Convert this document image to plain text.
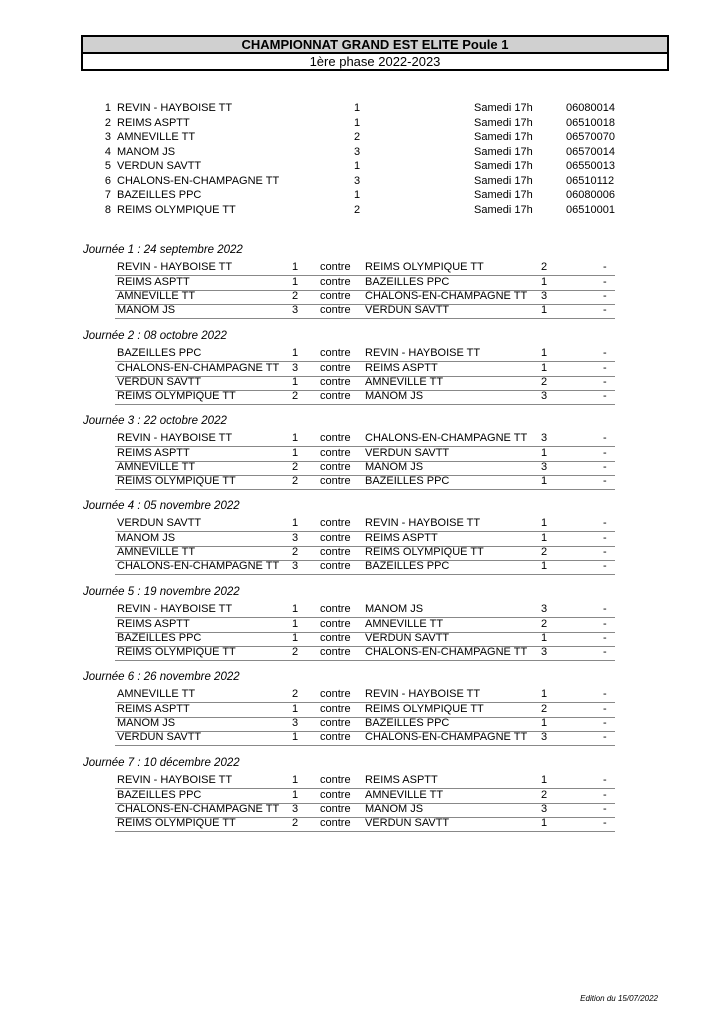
CHAMPIONNAT GRAND EST ELITE Poule 1
1ère phase 2022-2023
1 REVIN - HAYBOISE TT	1	Samedi 17h	06080014
2 REIMS ASPTT	1	Samedi 17h	06510018
3 AMNEVILLE TT	2	Samedi 17h	06570070
4 MANOM JS	3	Samedi 17h	06570014
5 VERDUN SAVTT	1	Samedi 17h	06550013
6 CHALONS-EN-CHAMPAGNE TT	3	Samedi 17h	06510112
7 BAZEILLES PPC	1	Samedi 17h	06080006
8 REIMS OLYMPIQUE TT	2	Samedi 17h	06510001
Journée 1 : 24 septembre 2022
REVIN - HAYBOISE TT	1 contre REIMS OLYMPIQUE TT	2	-
REIMS ASPTT	1 contre BAZEILLES PPC	1	-
AMNEVILLE TT	2 contre CHALONS-EN-CHAMPAGNE TT 3	-
MANOM JS	3 contre VERDUN SAVTT	1	-
Journée 2 : 08 octobre 2022
BAZEILLES PPC	1 contre REVIN - HAYBOISE TT	1	-
CHALONS-EN-CHAMPAGNE TT 3 contre REIMS ASPTT	1	-
VERDUN SAVTT	1 contre AMNEVILLE TT	2	-
REIMS OLYMPIQUE TT	2 contre MANOM JS	3	-
Journée 3 : 22 octobre 2022
REVIN - HAYBOISE TT	1 contre CHALONS-EN-CHAMPAGNE TT 3	-
REIMS ASPTT	1 contre VERDUN SAVTT	1	-
AMNEVILLE TT	2 contre MANOM JS	3	-
REIMS OLYMPIQUE TT	2 contre BAZEILLES PPC	1	-
Journée 4 : 05 novembre 2022
VERDUN SAVTT	1 contre REVIN - HAYBOISE TT	1	-
MANOM JS	3 contre REIMS ASPTT	1	-
AMNEVILLE TT	2 contre REIMS OLYMPIQUE TT	2	-
CHALONS-EN-CHAMPAGNE TT 3 contre BAZEILLES PPC	1	-
Journée 5 : 19 novembre 2022
REVIN - HAYBOISE TT	1 contre MANOM JS	3	-
REIMS ASPTT	1 contre AMNEVILLE TT	2	-
BAZEILLES PPC	1 contre VERDUN SAVTT	1	-
REIMS OLYMPIQUE TT	2 contre CHALONS-EN-CHAMPAGNE TT 3	-
Journée 6 : 26 novembre 2022
AMNEVILLE TT	2 contre REVIN - HAYBOISE TT	1	-
REIMS ASPTT	1 contre REIMS OLYMPIQUE TT	2	-
MANOM JS	3 contre BAZEILLES PPC	1	-
VERDUN SAVTT	1 contre CHALONS-EN-CHAMPAGNE TT 3	-
Journée 7 : 10 décembre 2022
REVIN - HAYBOISE TT	1 contre REIMS ASPTT	1	-
BAZEILLES PPC	1 contre AMNEVILLE TT	2	-
CHALONS-EN-CHAMPAGNE TT 3 contre MANOM JS	3	-
REIMS OLYMPIQUE TT	2 contre VERDUN SAVTT	1	-
Edition du 15/07/2022
